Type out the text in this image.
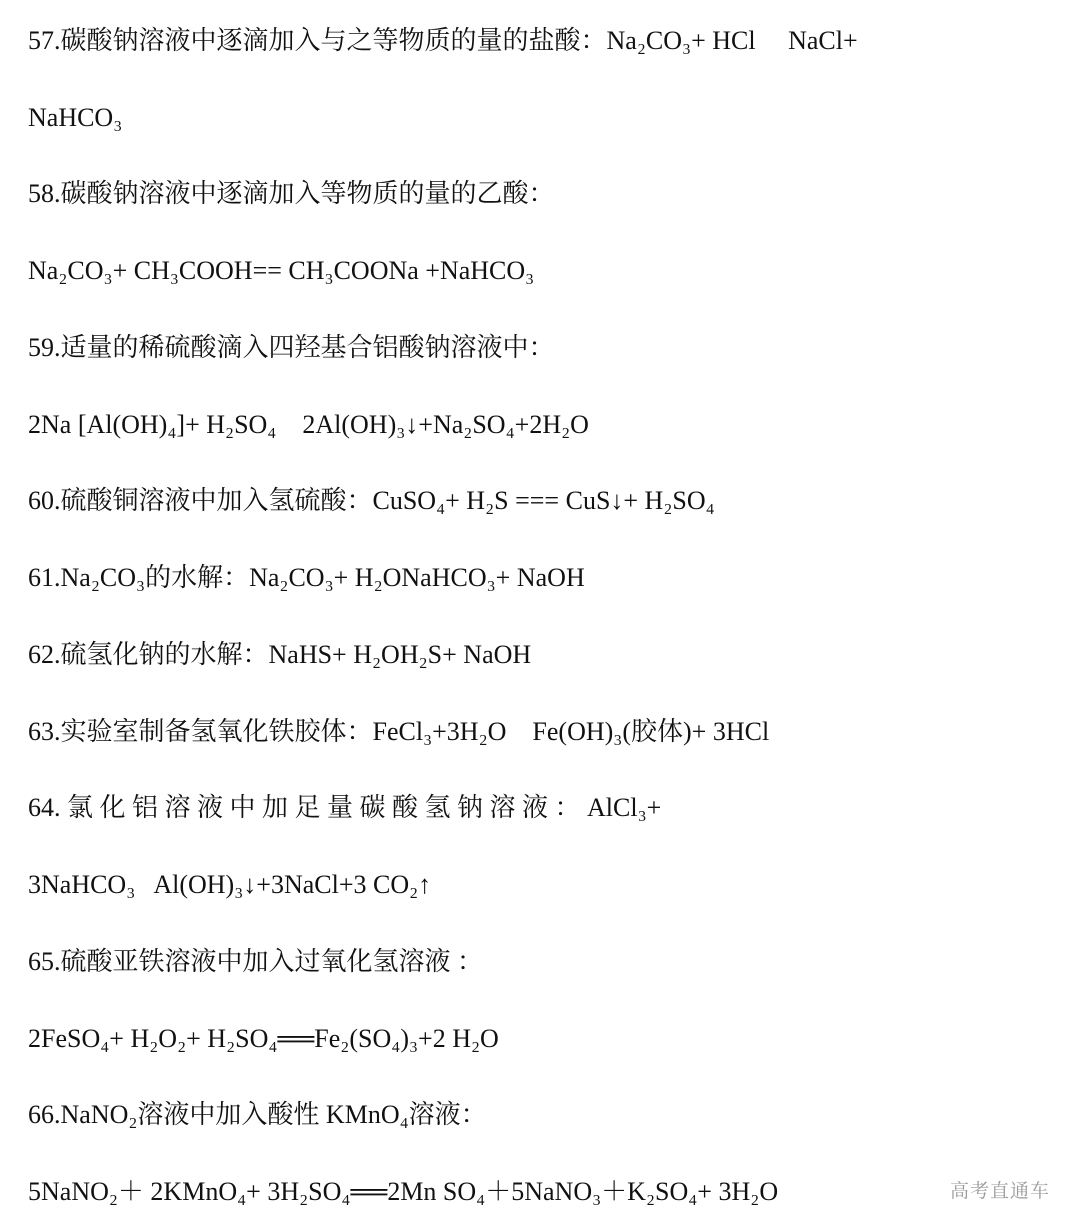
57.碳酸钠溶液中逐滴加入与之等物质的量的盐酸：Na₂CO₃+ HCl     NaCl+
NaHCO₃
58.碳酸钠溶液中逐滴加入等物质的量的乙酸：
Na₂CO₃+ CH₃COOH== CH₃COONa +NaHCO₃
59.适量的稀硫酸滴入四羟基合铝酸钠溶液中：
2Na [Al(OH)₄]+ H₂SO₄    2Al(OH)₃↓+Na₂SO₄+2H₂O
60.硫酸铜溶液中加入氢硫酸：CuSO₄+ H₂S === CuS↓+ H₂SO₄
61.Na₂CO₃的水解：Na₂CO₃+ H₂ONaHCO₃+ NaOH
62.硫氢化钠的水解：NaHS+ H₂OH₂S+ NaOH
63.实验室制备氢氧化铁胶体：FeCl₃+3H₂O    Fe(OH)₃(胶体)+ 3HCl
64. 氯 化 铝 溶 液 中 加 足 量 碳 酸 氢 钠 溶 液 ： AlCl₃+
3NaHCO₃   Al(OH)₃↓+3NaCl+3 CO₂↑
65.硫酸亚铁溶液中加入过氧化氢溶液 ：
2FeSO₄+ H₂O₂+ H₂SO₄══Fe₂(SO₄)₃+2 H₂O
66.NaNO₂溶液中加入酸性 KMnO₄溶液：
5NaNO₂＋ 2KMnO₄+ 3H₂SO₄══2Mn SO₄＋5NaNO₃＋K₂SO₄+ 3H₂O	高考直通车
